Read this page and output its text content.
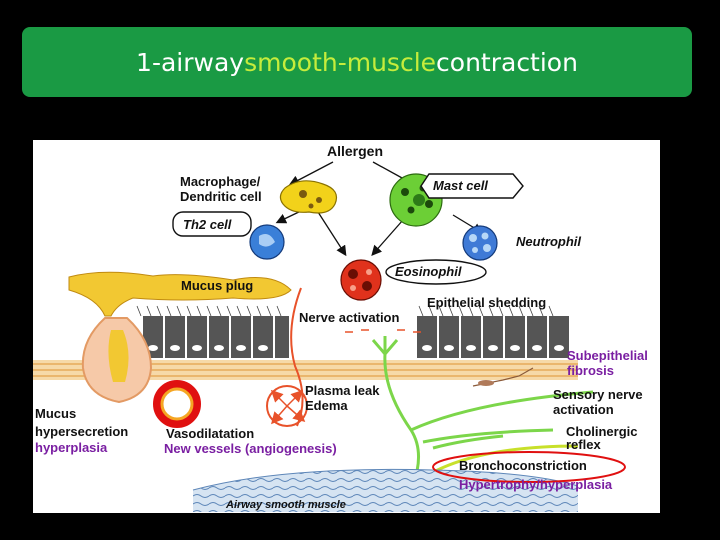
1-airway smooth-muscle contraction
Allergen
Macrophage/
Dendritic cell
Mast cell
Th2 cell
Neutrophil
Eosinophil
Mucus plug
Epithelial shedding
Nerve activation
Subepithelial
fibrosis
Plasma leak
Edema
Sensory nerve
activation
Mucus
hypersecretion
hyperplasia
Vasodilatation
New vessels (angiogenesis)
Cholinergic
reflex
Bronchoconstriction
Hypertrophy/hyperplasia
Airway smooth muscle
